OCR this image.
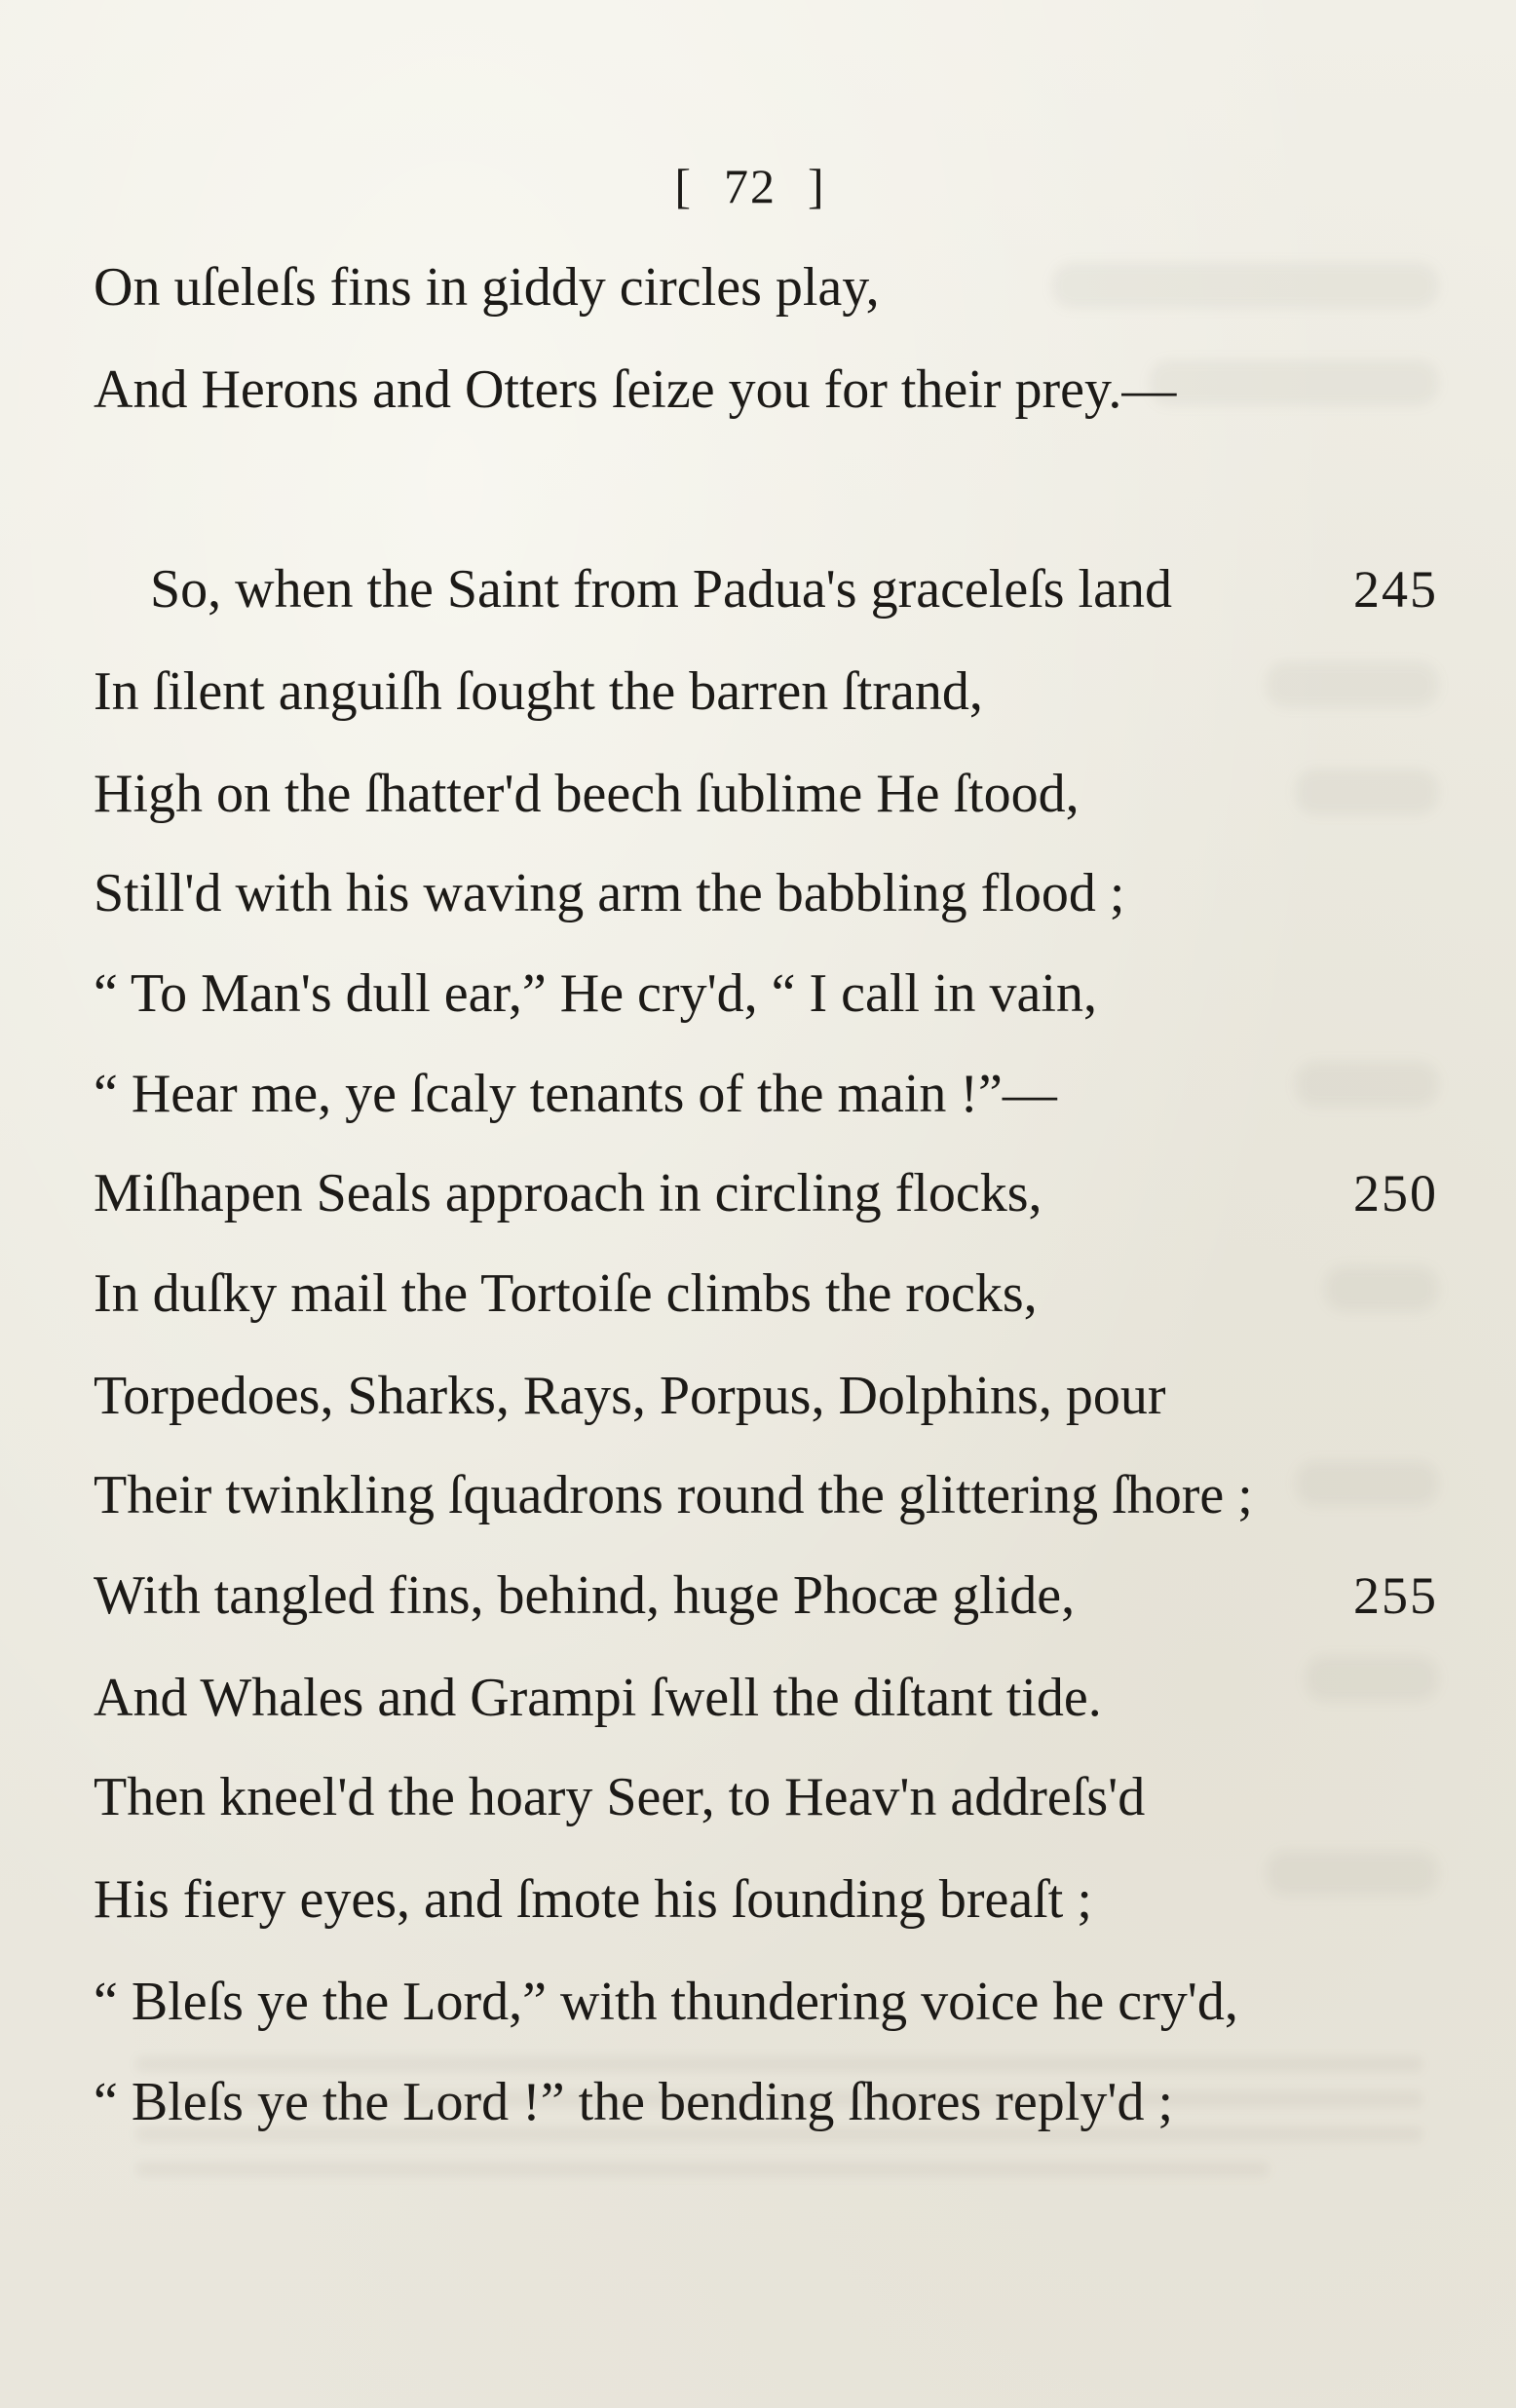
[ 72 ]
On uſeleſs fins in giddy circles play,
And Herons and Otters ſeize you for their prey.—
So, when the Saint from Padua's graceleſs land	245
In ſilent anguiſh ſought the barren ſtrand,
High on the ſhatter'd beech ſublime He ſtood,
Still'd with his waving arm the babbling flood ;
“ To Man's dull ear,” He cry'd, “ I call in vain,
“ Hear me, ye ſcaly tenants of the main !”—
Miſhapen Seals approach in circling flocks,	250
In duſky mail the Tortoiſe climbs the rocks,
Torpedoes, Sharks, Rays, Porpus, Dolphins, pour
Their twinkling ſquadrons round the glittering ſhore ;
With tangled fins, behind, huge Phocæ glide,	255
And Whales and Grampi ſwell the diſtant tide.
Then kneel'd the hoary Seer, to Heav'n addreſs'd
His fiery eyes, and ſmote his ſounding breaſt ;
“ Bleſs ye the Lord,” with thundering voice he cry'd,
“ Bleſs ye the Lord !” the bending ſhores reply'd ;
